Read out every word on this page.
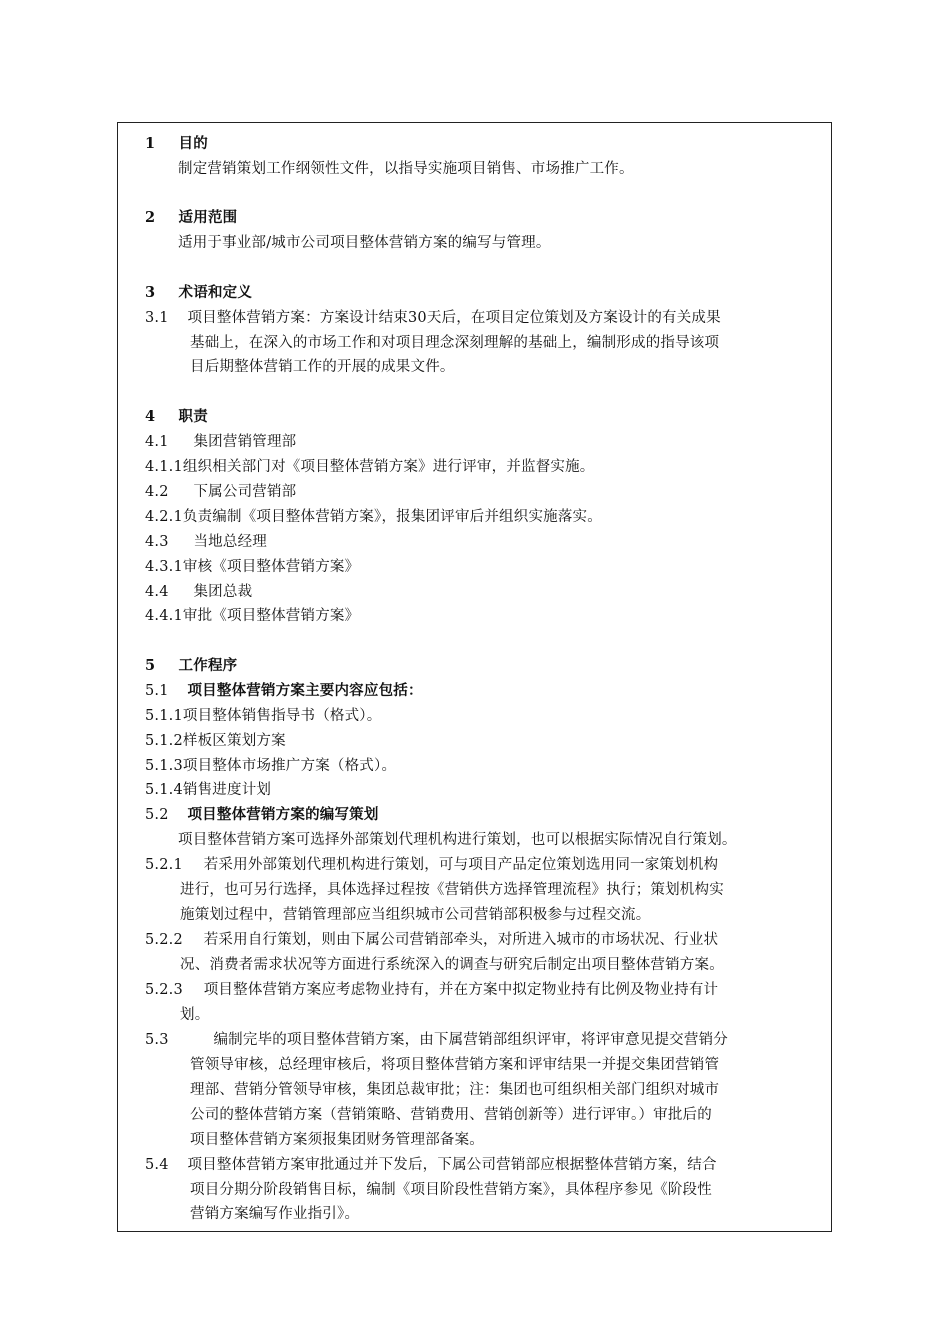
1 目的
制定营销策划工作纲领性文件，以指导实施项目销售、市场推广工作。
2 适用范围
适用于事业部/城市公司项目整体营销方案的编写与管理。
3 术语和定义
3.1 项目整体营销方案：方案设计结束30天后，在项目定位策划及方案设计的有关成果
基础上，在深入的市场工作和对项目理念深刻理解的基础上，编制形成的指导该项
目后期整体营销工作的开展的成果文件。
4 职责
4.1 集团营销管理部
4.1.1组织相关部门对《项目整体营销方案》进行评审，并监督实施。
4.2 下属公司营销部
4.2.1负责编制《项目整体营销方案》，报集团评审后并组织实施落实。
4.3 当地总经理
4.3.1审核《项目整体营销方案》
4.4 集团总裁
4.4.1审批《项目整体营销方案》
5 工作程序
5.1 项目整体营销方案主要内容应包括：
5.1.1项目整体销售指导书（格式）。
5.1.2样板区策划方案
5.1.3项目整体市场推广方案（格式）。
5.1.4销售进度计划
5.2 项目整体营销方案的编写策划
项目整体营销方案可选择外部策划代理机构进行策划，也可以根据实际情况自行策划。
5.2.1 若采用外部策划代理机构进行策划，可与项目产品定位策划选用同一家策划机构
进行，也可另行选择，具体选择过程按《营销供方选择管理流程》执行；策划机构实
施策划过程中，营销管理部应当组织城市公司营销部积极参与过程交流。
5.2.2 若采用自行策划，则由下属公司营销部牵头，对所进入城市的市场状况、行业状
况、消费者需求状况等方面进行系统深入的调查与研究后制定出项目整体营销方案。
5.2.3 项目整体营销方案应考虑物业持有，并在方案中拟定物业持有比例及物业持有计
划。
5.3	编制完毕的项目整体营销方案，由下属营销部组织评审，将评审意见提交营销分
管领导审核，总经理审核后，将项目整体营销方案和评审结果一并提交集团营销管
理部、营销分管领导审核，集团总裁审批；注：集团也可组织相关部门组织对城市
公司的整体营销方案（营销策略、营销费用、营销创新等）进行评审。）审批后的
项目整体营销方案须报集团财务管理部备案。
5.4 项目整体营销方案审批通过并下发后，下属公司营销部应根据整体营销方案，结合
项目分期分阶段销售目标，编制《项目阶段性营销方案》，具体程序参见《阶段性
营销方案编写作业指引》。
